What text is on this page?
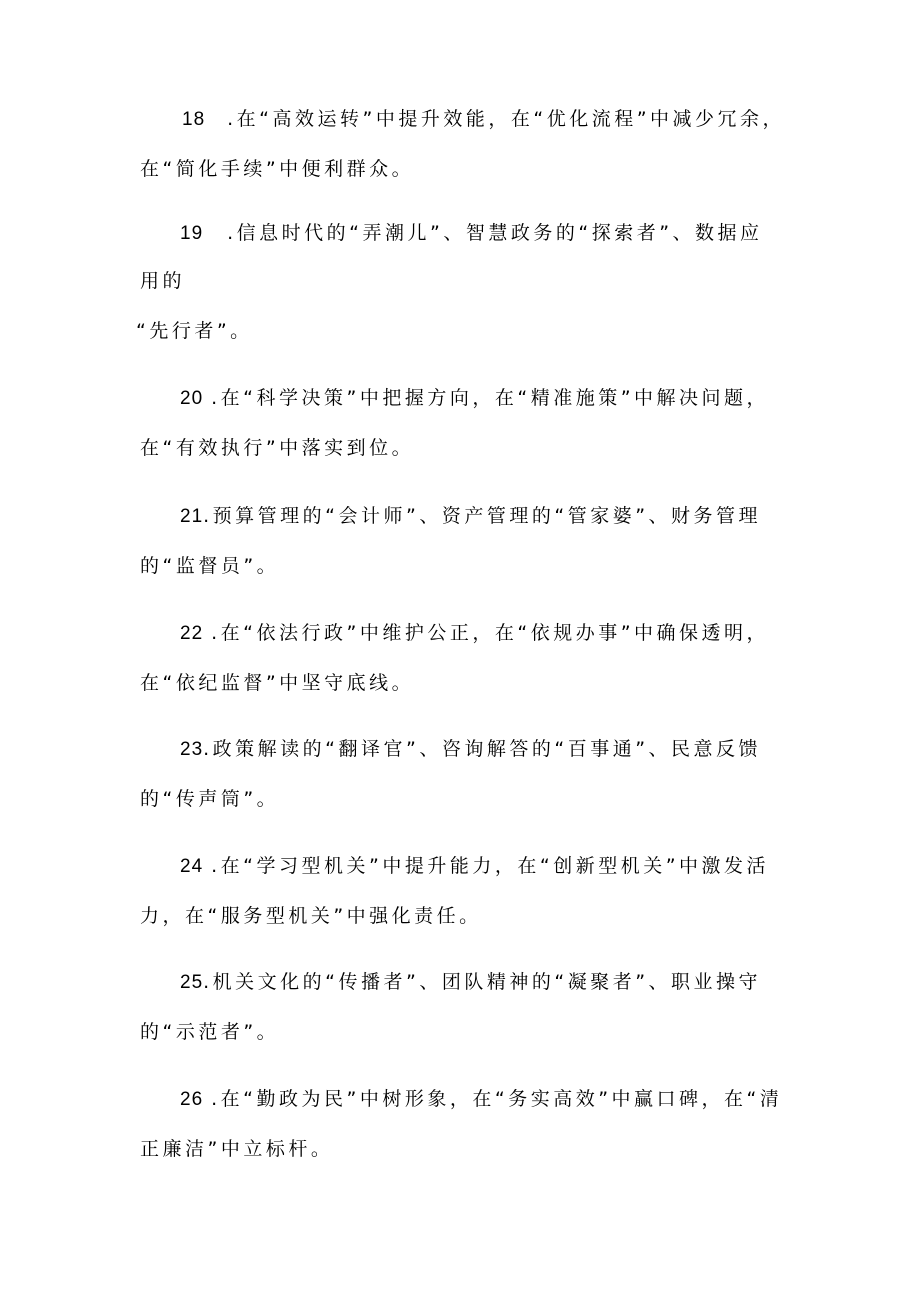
18 .在“高效运转”中提升效能，在“优化流程”中减少冗余，
在“简化手续”中便利群众。
19 .信息时代的“弄潮儿”、智慧政务的“探索者”、数据应
用的
“先行者”。
20 .在“科学决策”中把握方向，在“精准施策”中解决问题，
在“有效执行”中落实到位。
21.预算管理的“会计师”、资产管理的“管家婆”、财务管理
的“监督员”。
22 .在“依法行政”中维护公正，在“依规办事”中确保透明，
在“依纪监督”中坚守底线。
23.政策解读的“翻译官”、咨询解答的“百事通”、民意反馈
的“传声筒”。
24 .在“学习型机关”中提升能力，在“创新型机关”中激发活
力，在“服务型机关”中强化责任。
25.机关文化的“传播者”、团队精神的“凝聚者”、职业操守
的“示范者”。
26 .在“勤政为民”中树形象，在“务实高效”中赢口碑，在“清
正廉洁”中立标杆。
